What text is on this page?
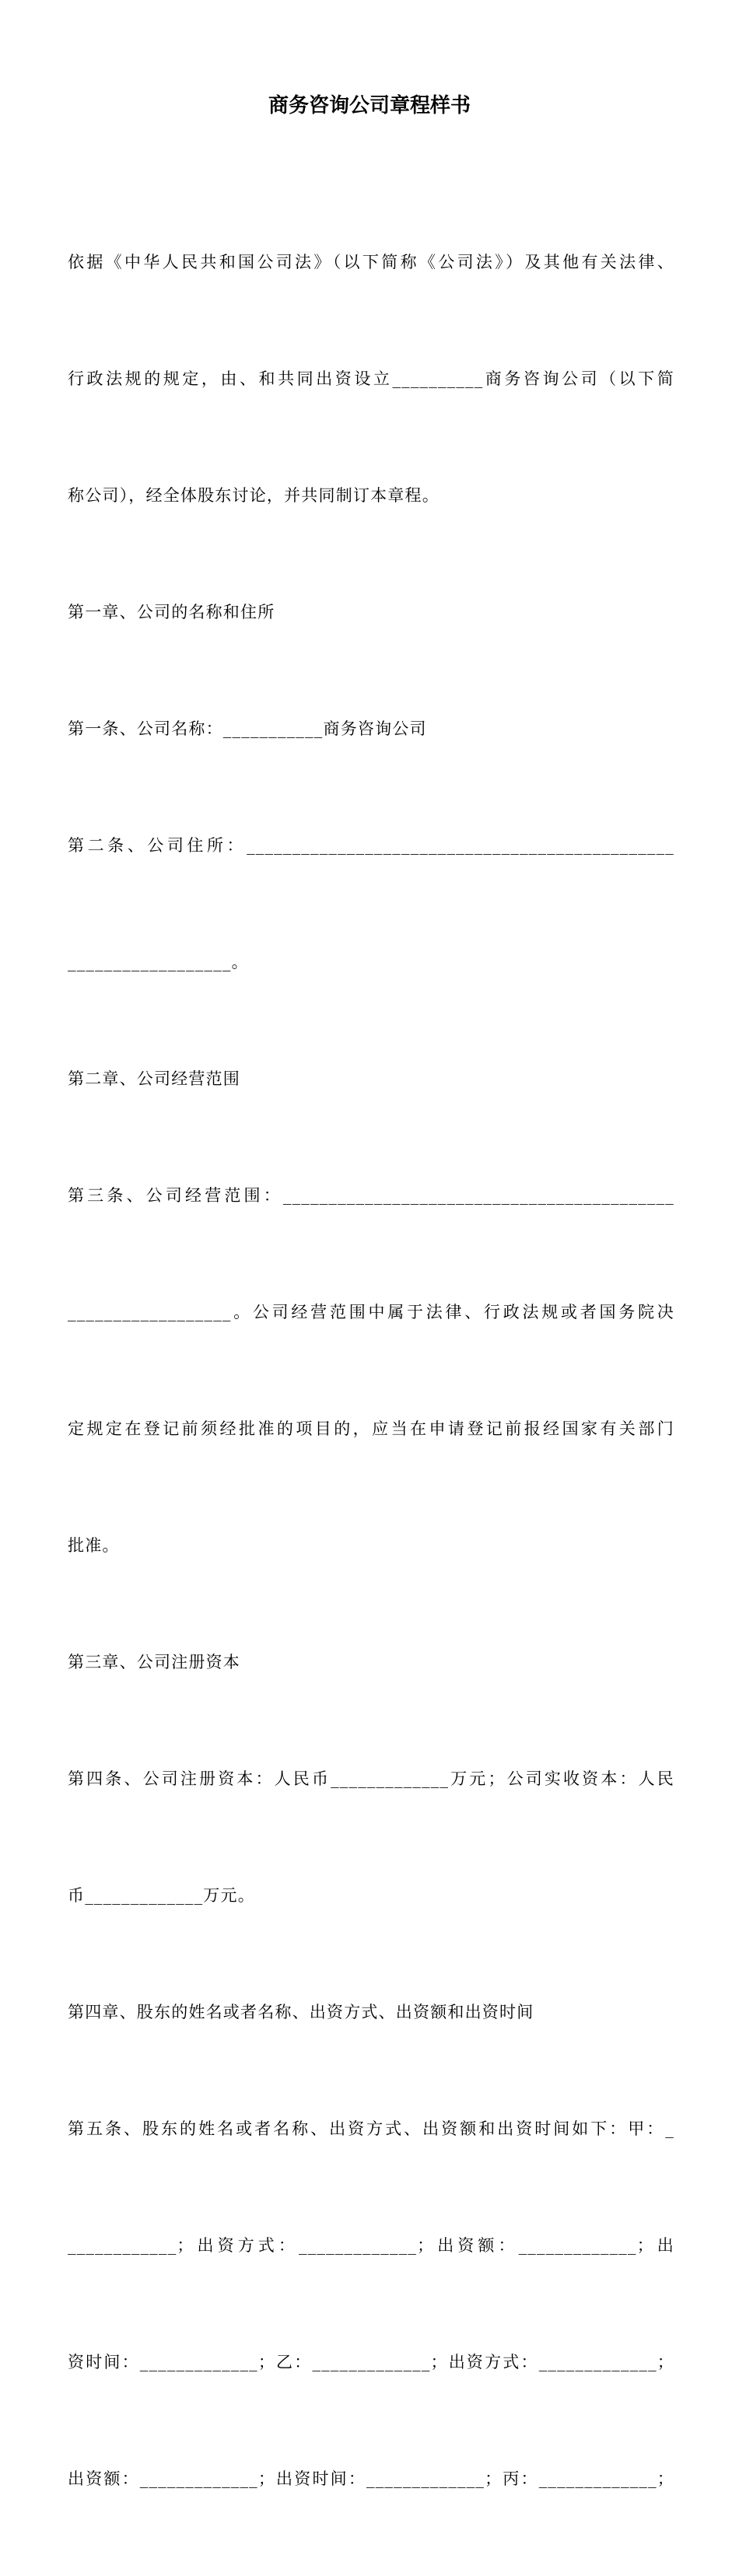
商务咨询公司章程样书

依据《中华人民共和国公司法》（以下简称《公司法》）及其他有关法律、

行政法规的规定，由、和共同出资设立__________商务咨询公司（以下简

称公司），经全体股东讨论，并共同制订本章程。

第一章、公司的名称和住所

第一条、公司名称：___________商务咨询公司

第二条、公司住所：_______________________________________________

__________________。

第二章、公司经营范围

第三条、公司经营范围：___________________________________________

__________________。公司经营范围中属于法律、行政法规或者国务院决

定规定在登记前须经批准的项目的，应当在申请登记前报经国家有关部门

批准。

第三章、公司注册资本

第四条、公司注册资本：人民币_____________万元；公司实收资本：人民

币_____________万元。

第四章、股东的姓名或者名称、出资方式、出资额和出资时间

第五条、股东的姓名或者名称、出资方式、出资额和出资时间如下：甲：_

____________；出资方式：_____________；出资额：_____________；出

资时间：_____________；乙：_____________；出资方式：_____________；

出资额：_____________；出资时间：_____________；丙：_____________；
